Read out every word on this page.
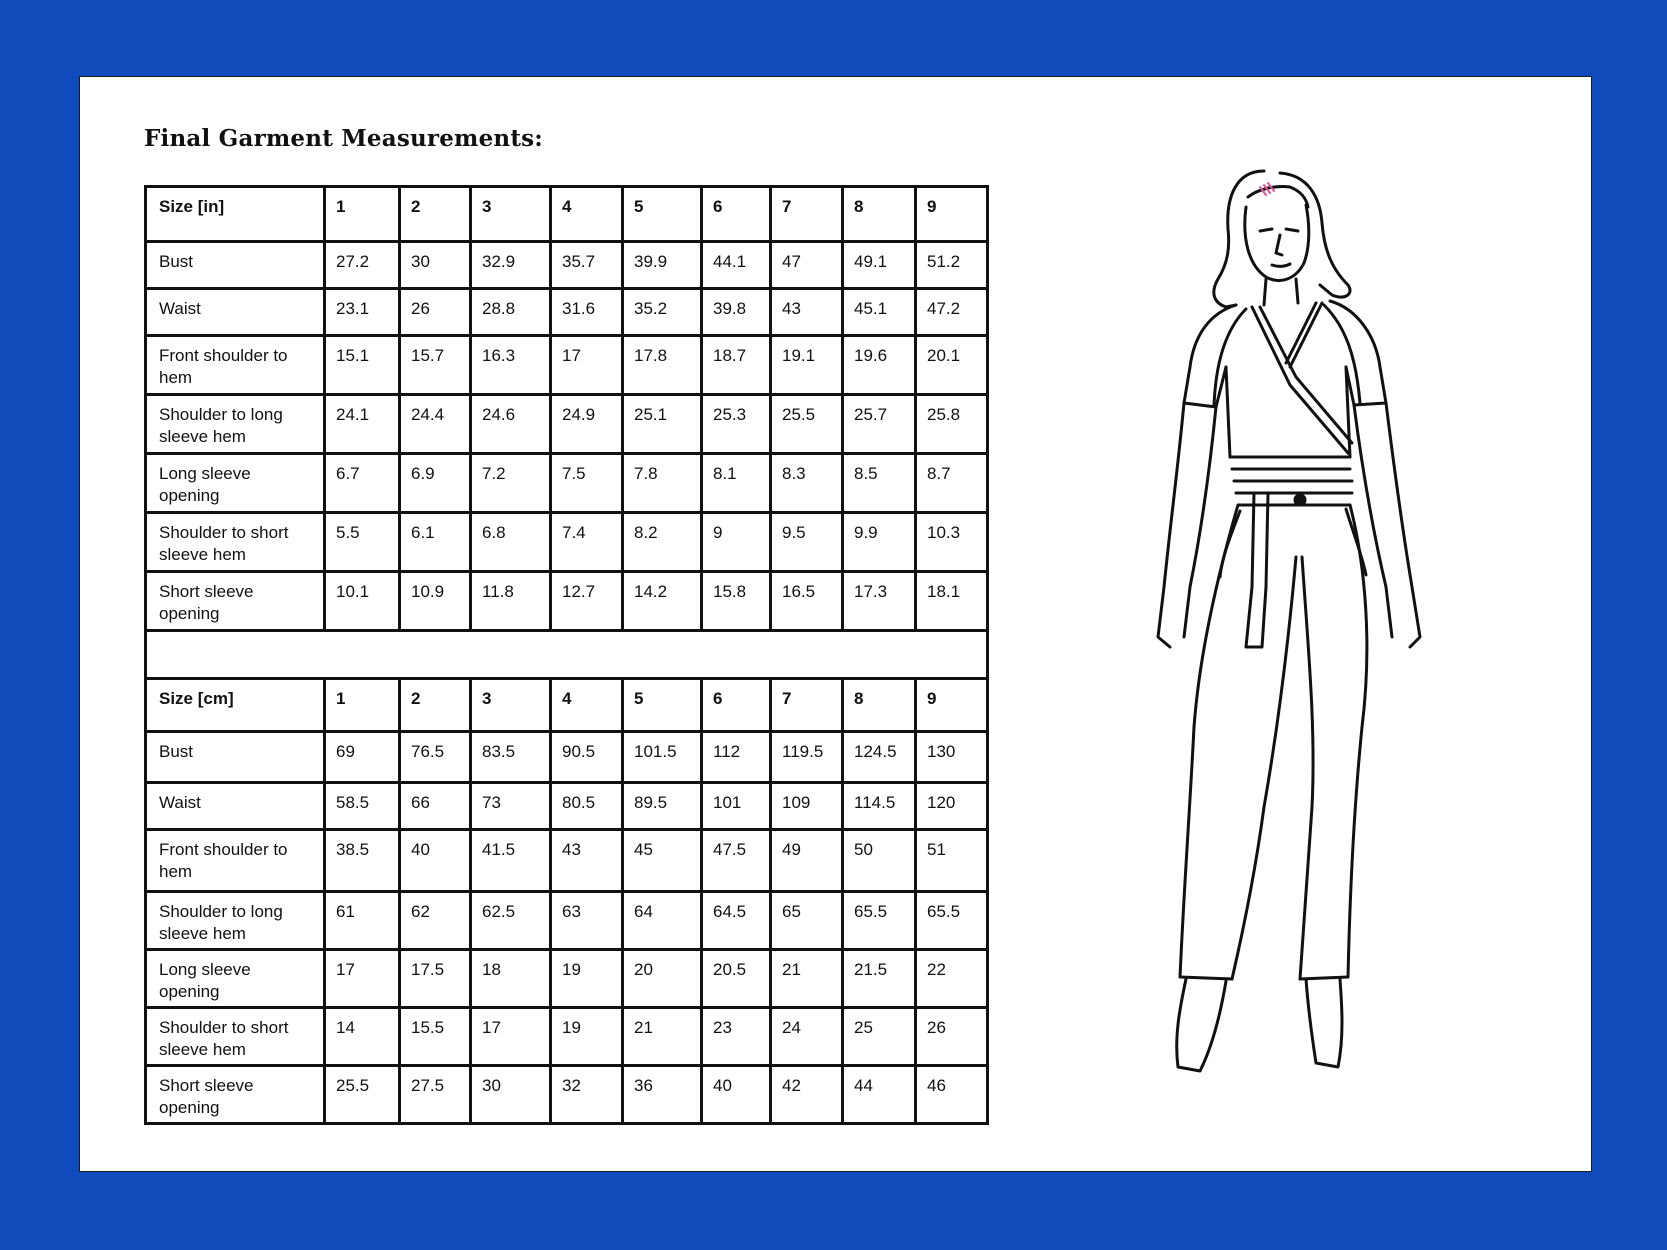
Final Garment Measurements:
Size [in]	1	2	3	4	5	6	7	8	9
Bust	27.2	30	32.9	35.7	39.9	44.1	47	49.1	51.2
Waist	23.1	26	28.8	31.6	35.2	39.8	43	45.1	47.2
Front shoulder to hem	15.1	15.7	16.3	17	17.8	18.7	19.1	19.6	20.1
Shoulder to long sleeve hem	24.1	24.4	24.6	24.9	25.1	25.3	25.5	25.7	25.8
Long sleeve opening	6.7	6.9	7.2	7.5	7.8	8.1	8.3	8.5	8.7
Shoulder to short sleeve hem	5.5	6.1	6.8	7.4	8.2	9	9.5	9.9	10.3
Short sleeve opening	10.1	10.9	11.8	12.7	14.2	15.8	16.5	17.3	18.1

Size [cm]	1	2	3	4	5	6	7	8	9
Bust	69	76.5	83.5	90.5	101.5	112	119.5	124.5	130
Waist	58.5	66	73	80.5	89.5	101	109	114.5	120
Front shoulder to hem	38.5	40	41.5	43	45	47.5	49	50	51
Shoulder to long sleeve hem	61	62	62.5	63	64	64.5	65	65.5	65.5
Long sleeve opening	17	17.5	18	19	20	20.5	21	21.5	22
Shoulder to short sleeve hem	14	15.5	17	19	21	23	24	25	26
Short sleeve opening	25.5	27.5	30	32	36	40	42	44	46
